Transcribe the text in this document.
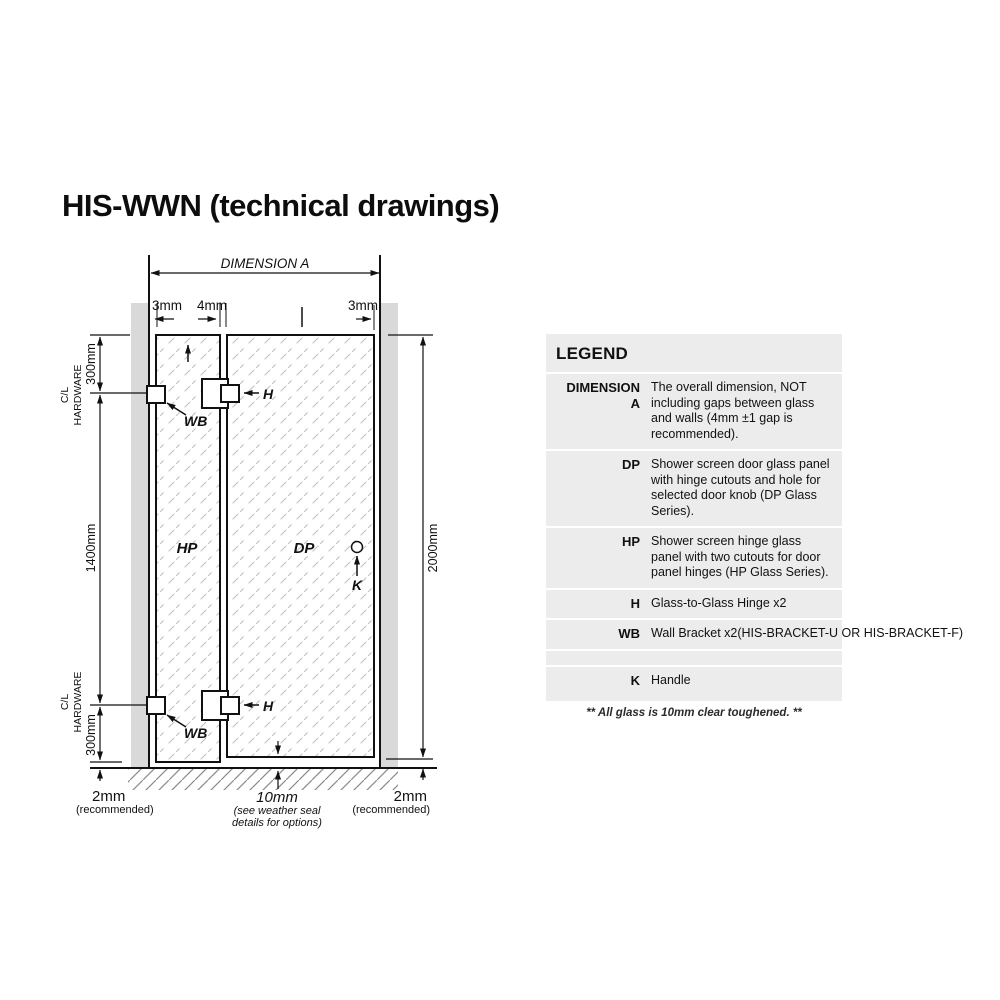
HIS-WWN (technical drawings)
DIMENSION A
3mm 4mm	3mm
C/L HARDWARE
300mm
1400mm
300mm
C/L HARDWARE
2000mm
H
WB
H
WB
HP	DP
K
2mm
(recommended)
10mm
(see weather seal
details for options)
2mm
(recommended)
LEGEND
DIMENSION A
The overall dimension, NOT including gaps between glass and walls (4mm ±1 gap is recommended).
DP Shower screen door glass panel with hinge cutouts and hole for selected door knob (DP Glass Series).
HP Shower screen hinge glass panel with two cutouts for door panel hinges (HP Glass Series).
H Glass-to-Glass Hinge x2
WB Wall Bracket x2(HIS-BRACKET-U OR HIS-BRACKET-F)
K Handle
** All glass is 10mm clear toughened. **
